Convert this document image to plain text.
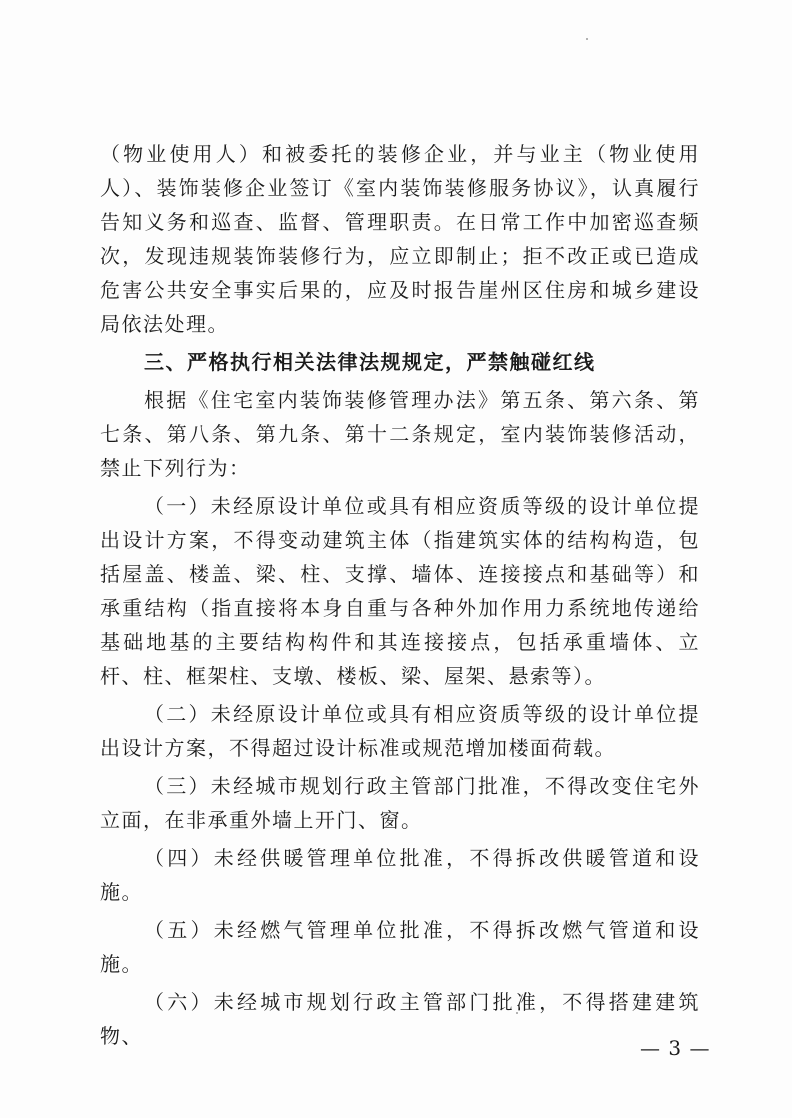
（物业使用人）和被委托的装修企业，并与业主（物业使用人）、装饰装修企业签订《室内装饰装修服务协议》，认真履行告知义务和巡查、监督、管理职责。在日常工作中加密巡查频次，发现违规装饰装修行为，应立即制止；拒不改正或已造成危害公共安全事实后果的，应及时报告崖州区住房和城乡建设局依法处理。

三、严格执行相关法律法规规定，严禁触碰红线

根据《住宅室内装饰装修管理办法》第五条、第六条、第七条、第八条、第九条、第十二条规定，室内装饰装修活动，禁止下列行为：

（一）未经原设计单位或具有相应资质等级的设计单位提出设计方案，不得变动建筑主体（指建筑实体的结构构造，包括屋盖、楼盖、梁、柱、支撑、墙体、连接接点和基础等）和承重结构（指直接将本身自重与各种外加作用力系统地传递给基础地基的主要结构构件和其连接接点，包括承重墙体、立杆、柱、框架柱、支墩、楼板、梁、屋架、悬索等）。

（二）未经原设计单位或具有相应资质等级的设计单位提出设计方案，不得超过设计标准或规范增加楼面荷载。

（三）未经城市规划行政主管部门批准，不得改变住宅外立面，在非承重外墙上开门、窗。

（四）未经供暖管理单位批准，不得拆改供暖管道和设施。

（五）未经燃气管理单位批准，不得拆改燃气管道和设施。

（六）未经城市规划行政主管部门批准，不得搭建建筑物、	— 3 —
